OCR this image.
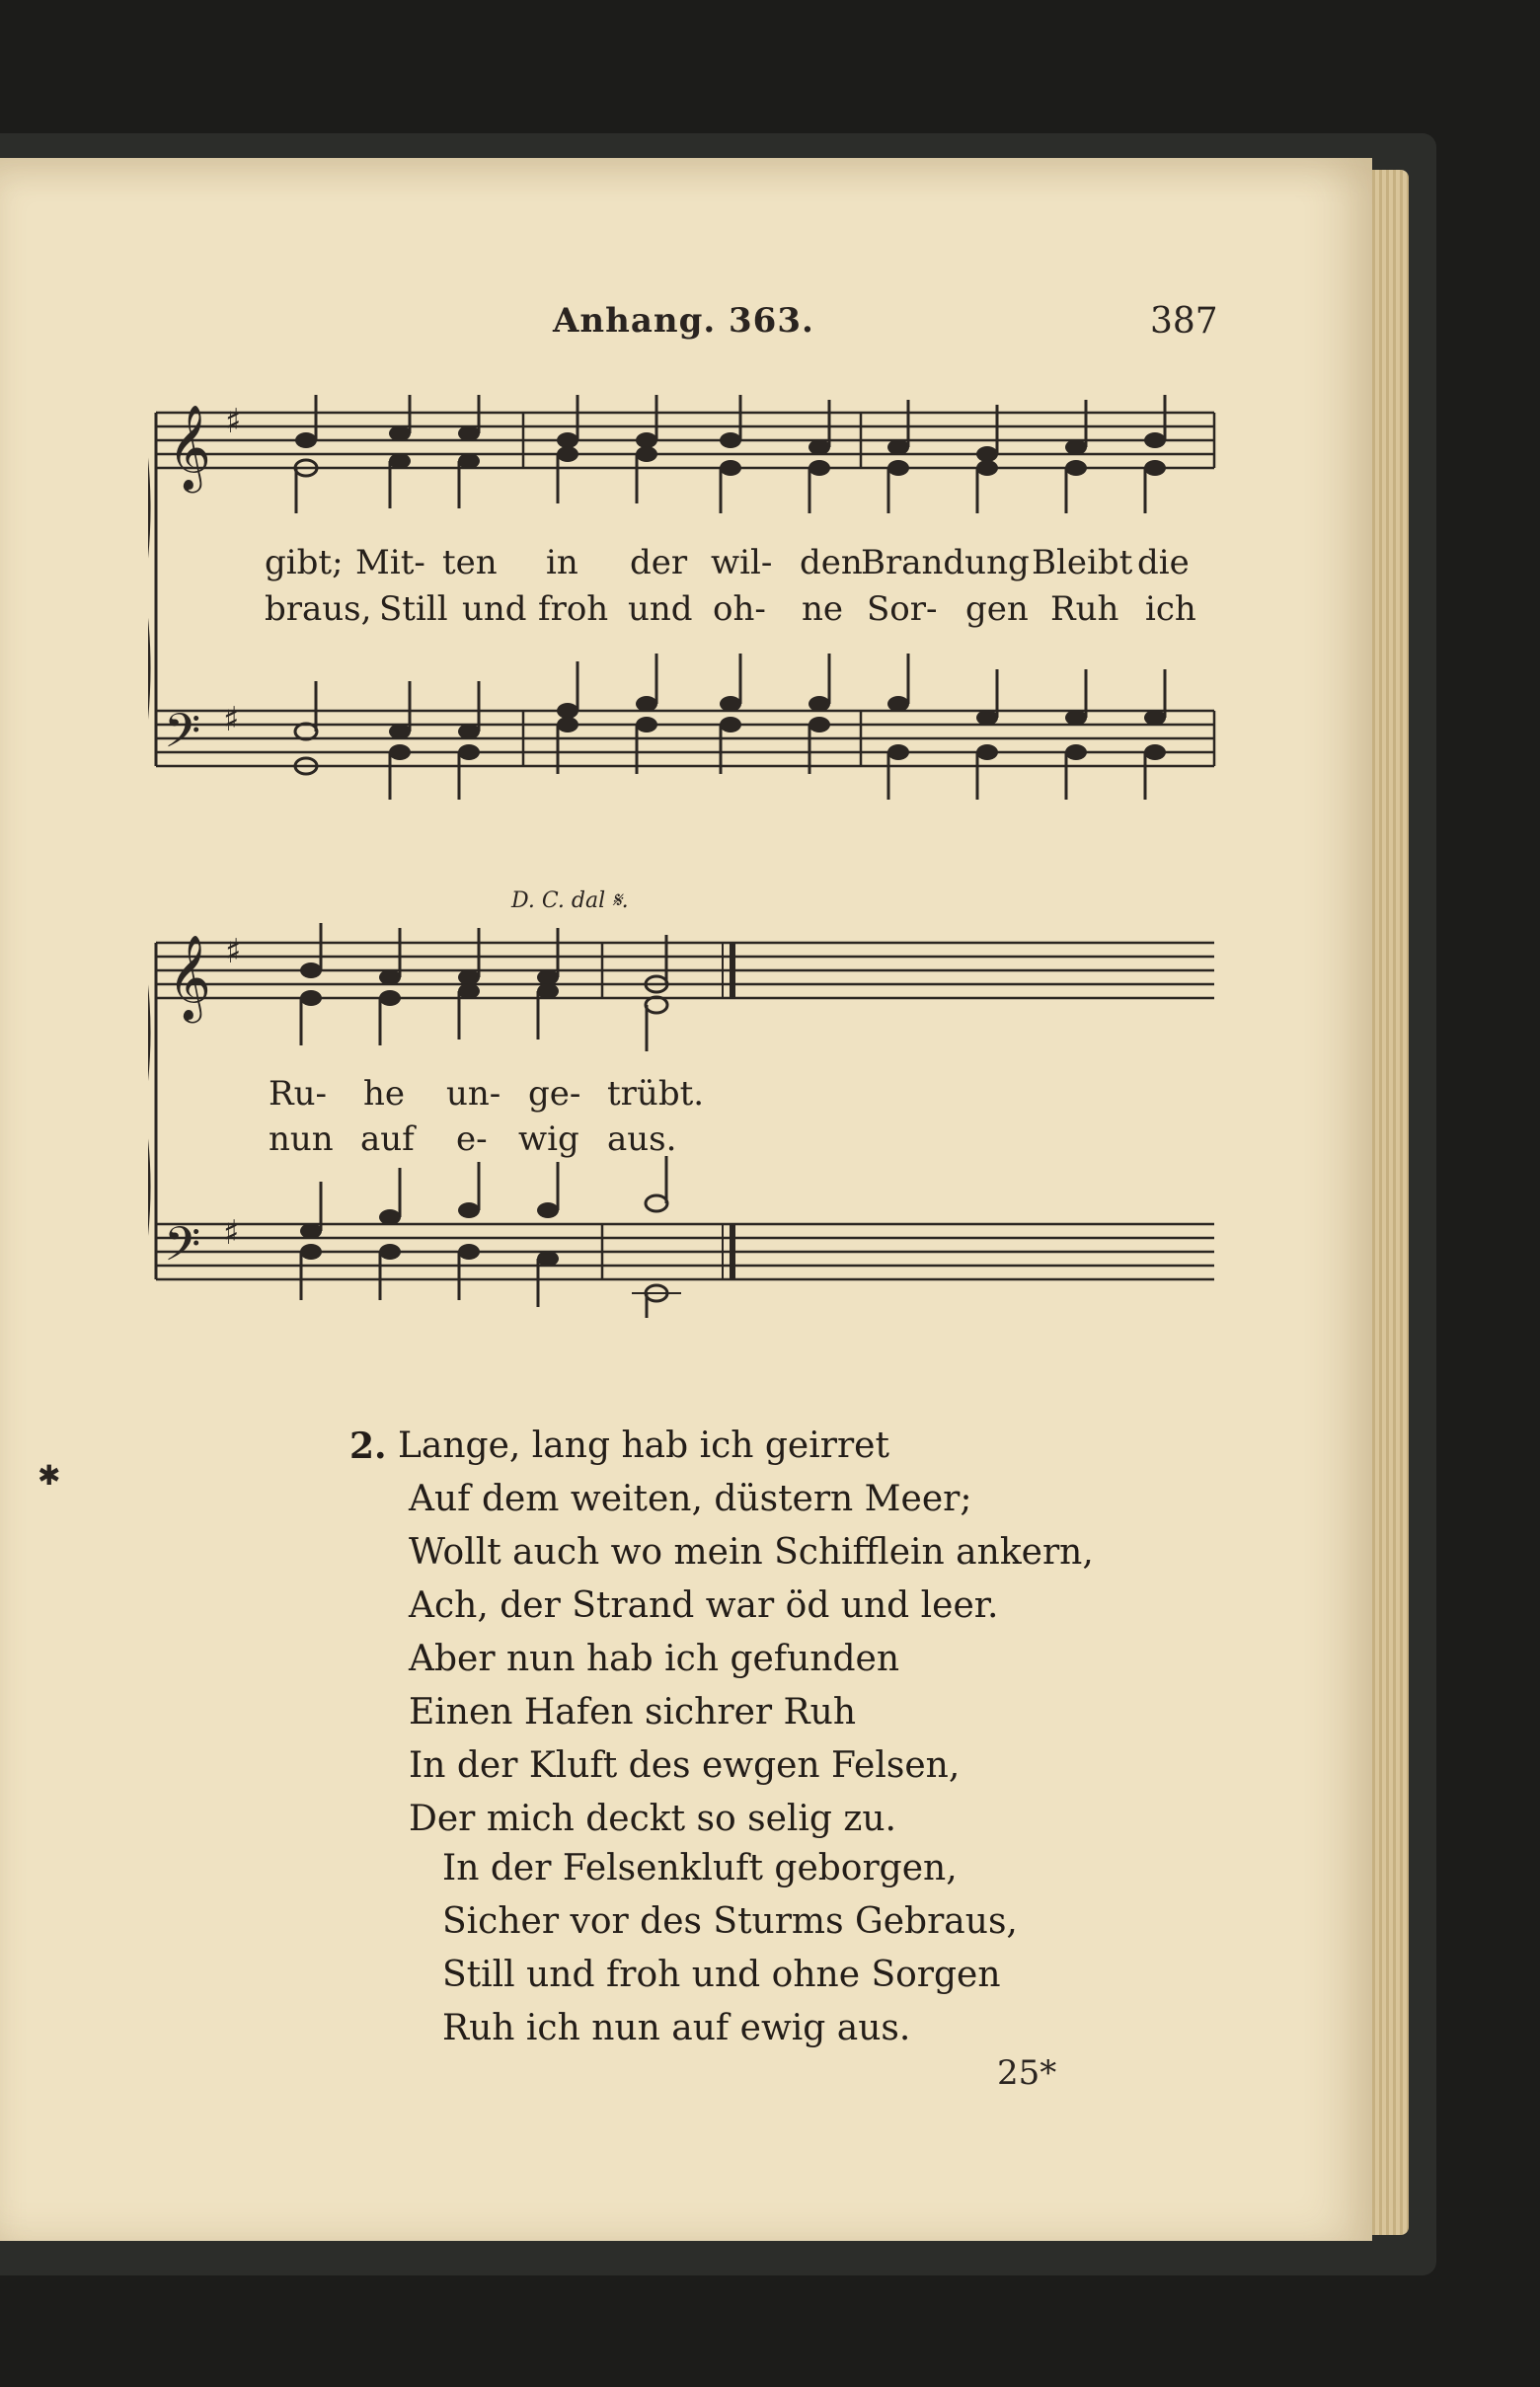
Anhang. 363.	387
𝄞 ♯
𝄢 ♯
gibt; Mit- ten in der wil- den
Brandung Bleibt die
braus, Still und froh und oh- ne Sor- gen Ruh ich
D. C. dal 𝄋.
𝄞 ♯
𝄢 ♯
Ru- he un- ge- trübt.
nun auf e- wig aus.
✱
2. Lange, lang hab ich geirret
Auf dem weiten, düstern Meer;
Wollt auch wo mein Schifflein ankern,
Ach, der Strand war öd und leer.
Aber nun hab ich gefunden
Einen Hafen sichrer Ruh
In der Kluft des ewgen Felsen,
Der mich deckt so selig zu.
In der Felsenkluft geborgen,
Sicher vor des Sturms Gebraus,
Still und froh und ohne Sorgen
Ruh ich nun auf ewig aus.
25*
